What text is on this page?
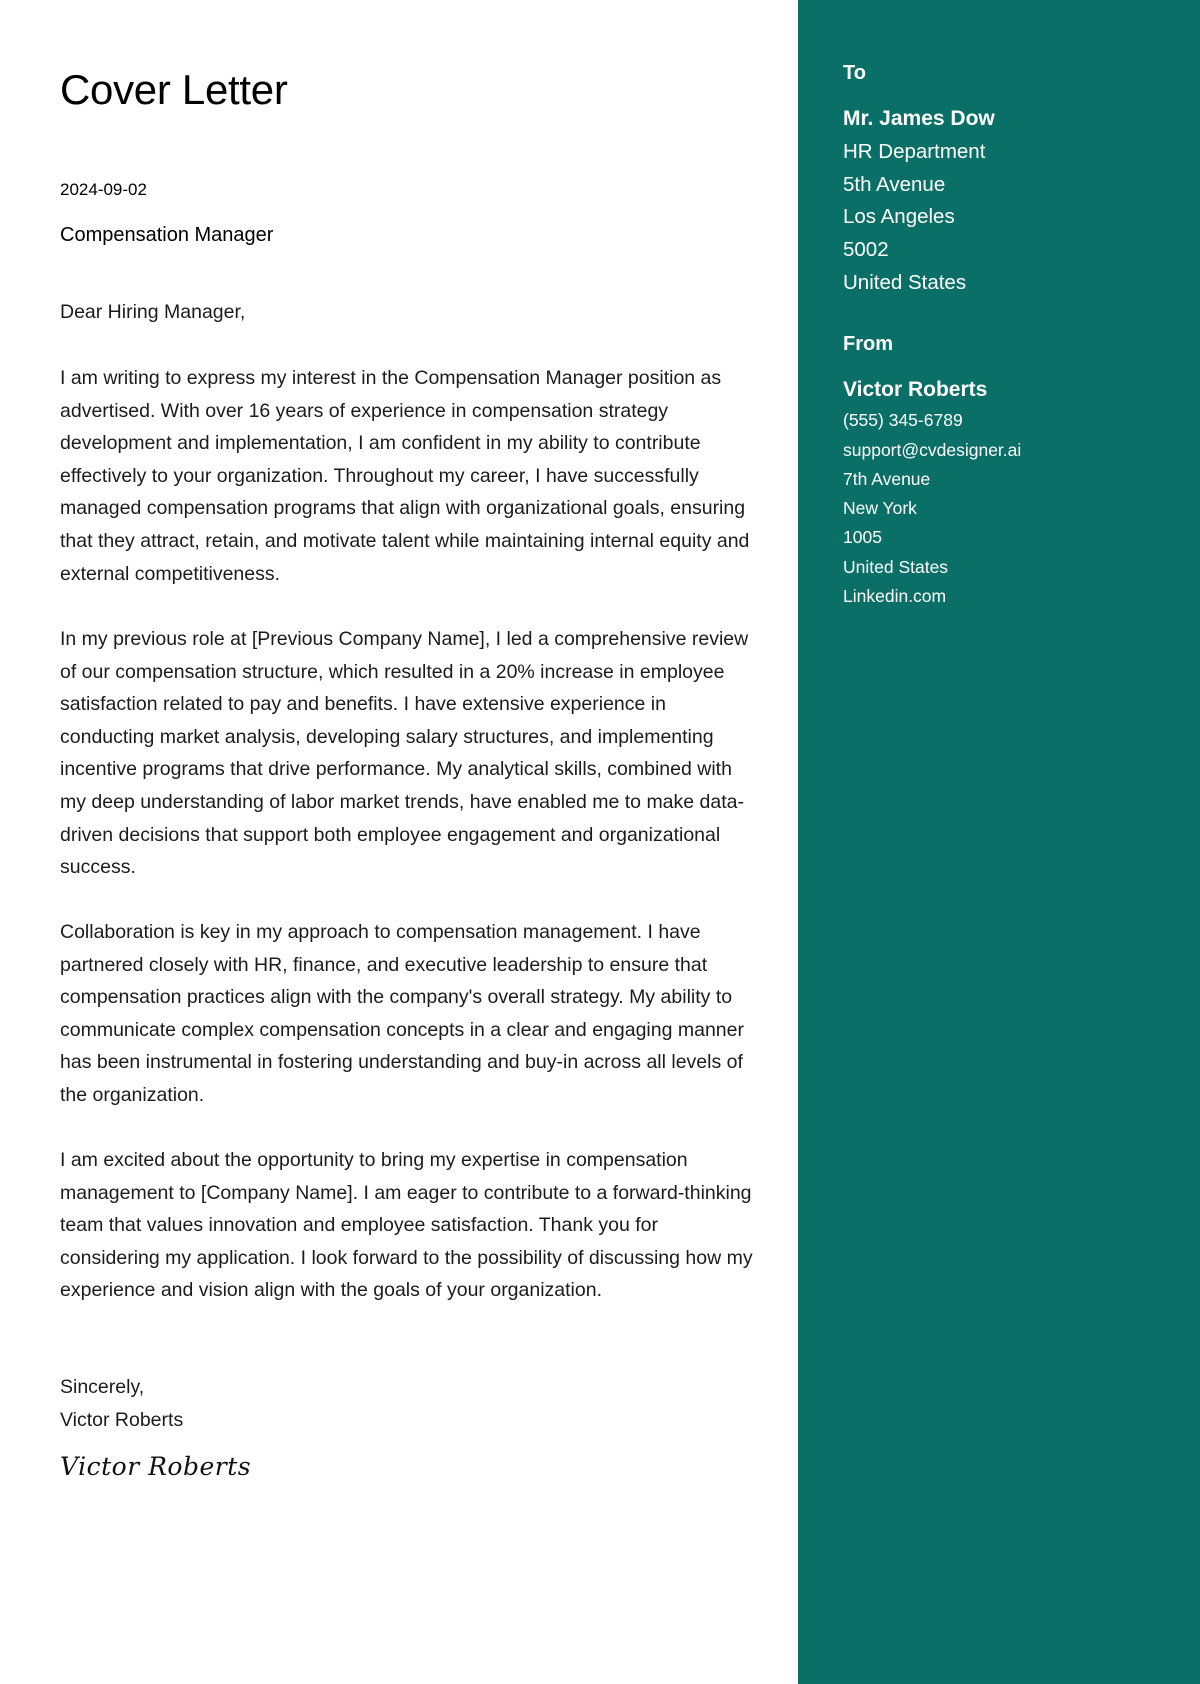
Cover Letter
2024-09-02
Compensation Manager
Dear Hiring Manager,

I am writing to express my interest in the Compensation Manager position as advertised. With over 16 years of experience in compensation strategy development and implementation, I am confident in my ability to contribute effectively to your organization. Throughout my career, I have successfully managed compensation programs that align with organizational goals, ensuring that they attract, retain, and motivate talent while maintaining internal equity and external competitiveness.

In my previous role at [Previous Company Name], I led a comprehensive review of our compensation structure, which resulted in a 20% increase in employee satisfaction related to pay and benefits. I have extensive experience in conducting market analysis, developing salary structures, and implementing incentive programs that drive performance. My analytical skills, combined with my deep understanding of labor market trends, have enabled me to make data-driven decisions that support both employee engagement and organizational success.

Collaboration is key in my approach to compensation management. I have partnered closely with HR, finance, and executive leadership to ensure that compensation practices align with the company's overall strategy. My ability to communicate complex compensation concepts in a clear and engaging manner has been instrumental in fostering understanding and buy-in across all levels of the organization.

I am excited about the opportunity to bring my expertise in compensation management to [Company Name]. I am eager to contribute to a forward-thinking team that values innovation and employee satisfaction. Thank you for considering my application. I look forward to the possibility of discussing how my experience and vision align with the goals of your organization.

Sincerely,
Victor Roberts
Victor Roberts
To
Mr. James Dow
HR Department
5th Avenue
Los Angeles
5002
United States
From
Victor Roberts
(555) 345-6789
support@cvdesigner.ai
7th Avenue
New York
1005
United States
Linkedin.com
